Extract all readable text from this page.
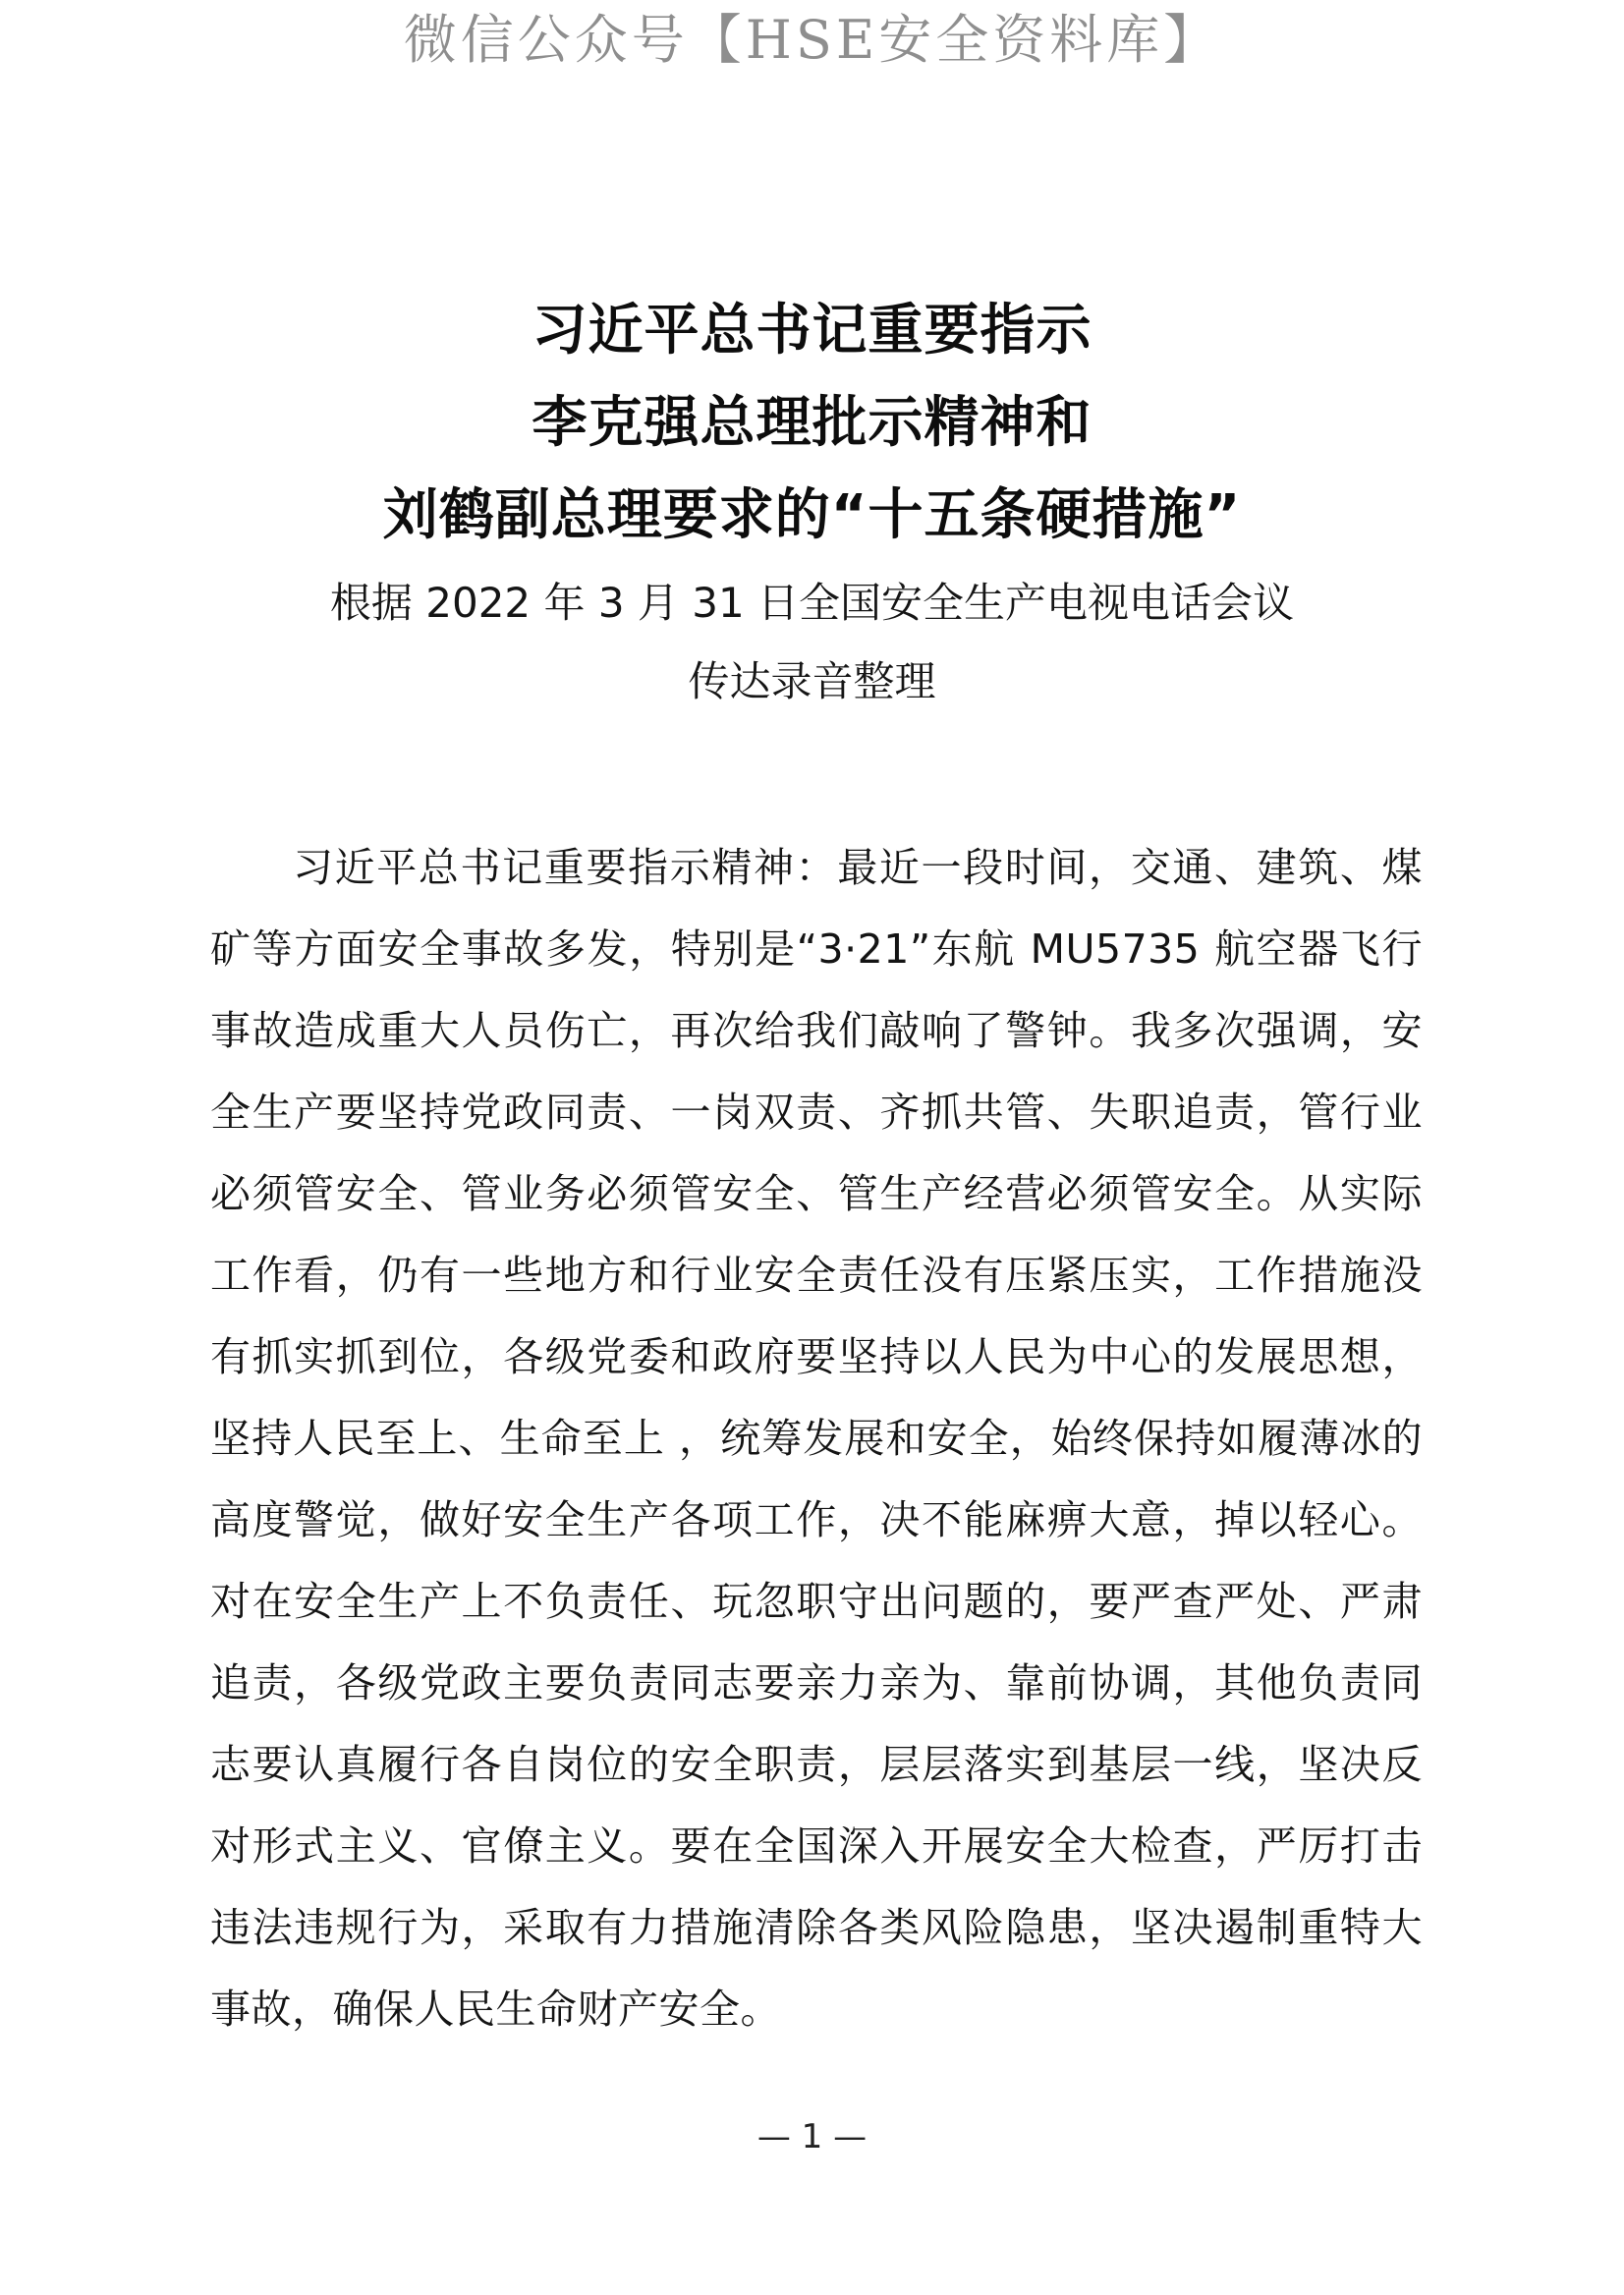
微信公众号【HSE安全资料库】
习近平总书记重要指示
李克强总理批示精神和
刘鹤副总理要求的“十五条硬措施”
根据 2022 年 3 月 31 日全国安全生产电视电话会议
传达录音整理

习近平总书记重要指示精神：最近一段时间，交通、建筑、煤矿等方面安全事故多发，特别是“3·21”东航 MU5735 航空器飞行事故造成重大人员伤亡，再次给我们敲响了警钟。我多次强调，安全生产要坚持党政同责、一岗双责、齐抓共管、失职追责，管行业必须管安全、管业务必须管安全、管生产经营必须管安全。从实际工作看，仍有一些地方和行业安全责任没有压紧压实，工作措施没有抓实抓到位，各级党委和政府要坚持以人民为中心的发展思想，坚持人民至上、生命至上 ，统筹发展和安全，始终保持如履薄冰的高度警觉，做好安全生产各项工作，决不能麻痹大意，掉以轻心。对在安全生产上不负责任、玩忽职守出问题的，要严查严处、严肃追责，各级党政主要负责同志要亲力亲为、靠前协调，其他负责同志要认真履行各自岗位的安全职责，层层落实到基层一线，坚决反对形式主义、官僚主义。要在全国深入开展安全大检查，严厉打击违法违规行为，采取有力措施清除各类风险隐患，坚决遏制重特大事故，确保人民生命财产安全。

— 1 —
